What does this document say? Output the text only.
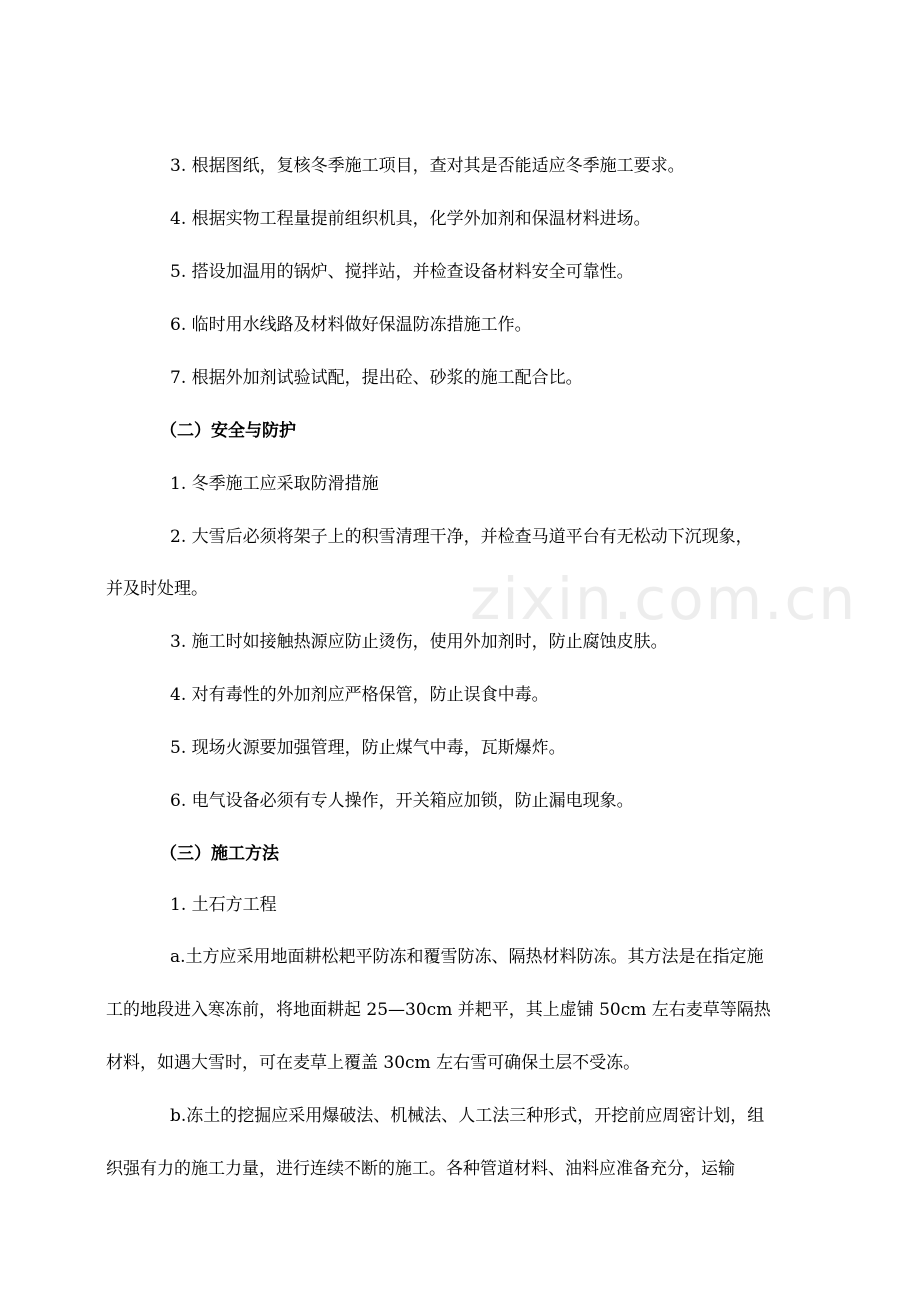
zixin.com.cn
3. 根据图纸，复核冬季施工项目，查对其是否能适应冬季施工要求。
4. 根据实物工程量提前组织机具，化学外加剂和保温材料进场。
5. 搭设加温用的锅炉、搅拌站，并检查设备材料安全可靠性。
6. 临时用水线路及材料做好保温防冻措施工作。
7. 根据外加剂试验试配，提出砼、砂浆的施工配合比。
（二）安全与防护
1. 冬季施工应采取防滑措施
2. 大雪后必须将架子上的积雪清理干净，并检查马道平台有无松动下沉现象，
并及时处理。
3. 施工时如接触热源应防止烫伤，使用外加剂时，防止腐蚀皮肤。
4. 对有毒性的外加剂应严格保管，防止误食中毒。
5. 现场火源要加强管理，防止煤气中毒，瓦斯爆炸。
6. 电气设备必须有专人操作，开关箱应加锁，防止漏电现象。
（三）施工方法
1. 土石方工程
a.土方应采用地面耕松耙平防冻和覆雪防冻、隔热材料防冻。其方法是在指定施
工的地段进入寒冻前，将地面耕起 25—30cm 并耙平，其上虚铺 50cm 左右麦草等隔热
材料，如遇大雪时，可在麦草上覆盖 30cm 左右雪可确保土层不受冻。
b.冻土的挖掘应采用爆破法、机械法、人工法三种形式，开挖前应周密计划，组
织强有力的施工力量，进行连续不断的施工。各种管道材料、油料应准备充分，运输
